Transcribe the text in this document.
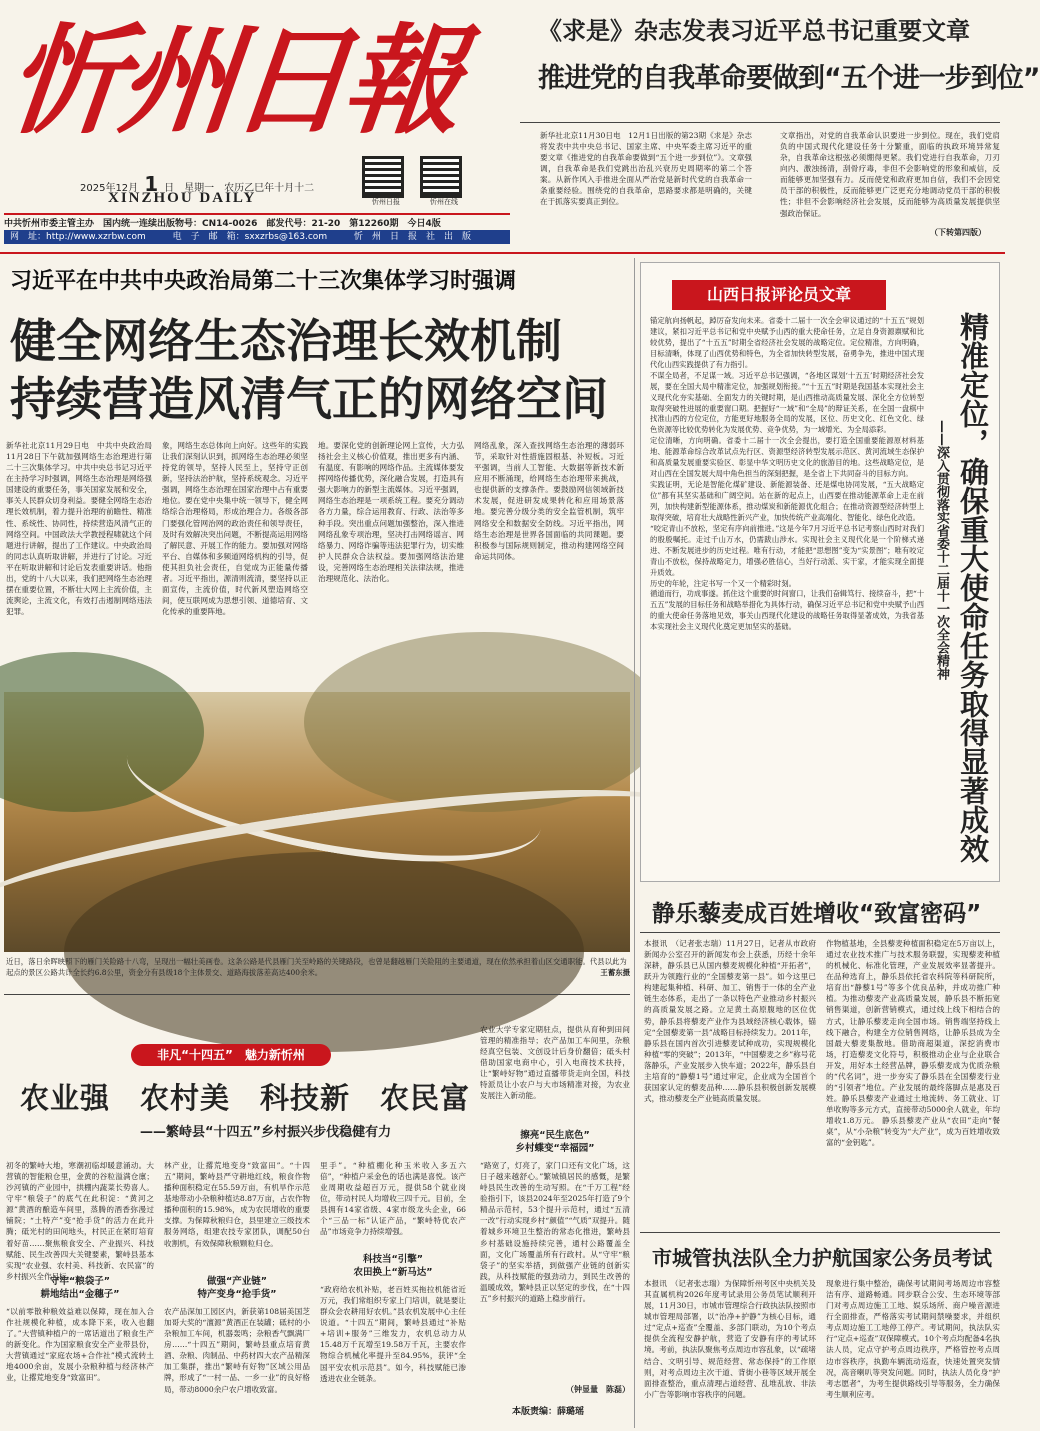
忻州日報
2025年12月 1 日　星期一　农历乙巳年十月十二
XINZHOU DAILY	忻州日报	忻州在线
中共忻州市委主管主办　国内统一连续出版物号：CN14-0026　邮发代号：21-20　第12260期　今日4版
网　址：http://www.xzrbw.com	电　子　邮　箱：sxxzrbs@163.com	忻　州　日　报　社　出　版
《求是》杂志发表习近平总书记重要文章
推进党的自我革命要做到“五个进一步到位”
新华社北京11月30日电　12月1日出版的第23期《求是》杂志将发表中共中央总书记、国家主席、中央军委主席习近平的重要文章《推进党的自我革命要做到“五个进一步到位”》。文章强调，自我革命是我们党跳出治乱兴衰历史周期率的第二个答案。从新作风入手推进全面从严治党是新时代党的自我革命一条重要经验。围绕党的自我革命，思路要求都是明确的，关键在于抓落实要真正到位。
文章指出，对党的自我革命认识要进一步到位。现在，我们党肩负的中国式现代化建设任务十分繁重，面临的执政环境异常复杂，自我革命这根弦必须绷得更紧。我们党进行自我革命，刀刃向内、激浊扬清，刮骨疗毒，非但不会影响党的形象和威信，反而能够更加坚强有力。反而使党和政府更加自信，我们不会因党员干部的积极性，反而能够更广泛更充分地调动党员干部的积极性；非但不会影响经济社会发展，反而能够为高质量发展提供坚强政治保证。
（下转第四版）
习近平在中共中央政治局第二十三次集体学习时强调
健全网络生态治理长效机制
持续营造风清气正的网络空间
新华社北京11月29日电　中共中央政治局11月28日下午就加强网络生态治理进行第二十三次集体学习。中共中央总书记习近平在主持学习时强调，网络生态治理是网络强国建设的重要任务，事关国家发展和安全，事关人民群众切身利益。要健全网络生态治理长效机制，着力提升治理的前瞻性、精准性、系统性、协同性，持续营造风清气正的网络空间。中国政法大学教授程啸就这个问题进行讲解，提出了工作建议。中央政治局的同志认真听取讲解，并进行了讨论。习近平在听取讲解和讨论后发表重要讲话。他指出，党的十八大以来，我们把网络生态治理摆在重要位置，不断壮大网上主流价值，主流舆论，主流文化，有效打击遏制网络违法犯罪。
象，网络生态总体向上向好。这些年的实践让我们深刻认识到，抓网络生态治理必须坚持党的领导，坚持人民至上，坚持守正创新，坚持法治护航，坚持系统观念。习近平强调，网络生态治理在国家治理中占有重要地位。要在党中央集中统一领导下，健全网络综合治理格局，形成治理合力。各级各部门要强化管网治网的政治责任和领导责任，及时有效解决突出问题，不断提高运用网络了解民意、开展工作的能力。要加强对网络平台、自媒体和多频道网络机构的引导，促使其担负社会责任，自觉成为正能量传播者。习近平指出，源清则流清，要坚持以正面宣传，主流价值，时代新风塑造网络空间，使互联网成为思想引领、道德培育、文化传承的重要阵地。
地。要深化党的创新理论网上宣传，大力弘扬社会主义核心价值观，推出更多有内涵、有温度、有影响的网络作品。主流媒体要发挥网络传播优势，深化融合发展，打造具有强大影响力的新型主流媒体。习近平强调，网络生态治理是一项系统工程。要充分调动各方力量，综合运用教育、行政、法治等多种手段。突出重点问题加强整治，深入推进网络乱象专项治理，坚决打击网络谣言、网络暴力、网络诈骗等违法犯罪行为，切实维护人民群众合法权益。要加强网络法治建设，完善网络生态治理相关法律法规，推进治理规范化、法治化。
网络乱象，深入查找网络生态治理的薄弱环节，采取针对性措施固根基、补短板。习近平强调，当前人工智能、大数据等新技术新应用不断涌现，给网络生态治理带来挑战，也提供新的支撑条件。要鼓励网信领域新技术发展，促进研发成果转化和应用场景落地。要完善分级分类的安全监管机制，筑牢网络安全和数据安全防线。习近平指出，网络生态治理是世界各国面临的共同课题。要积极参与国际规则制定，推动构建网络空间命运共同体。
近日，落日余晖映照下的雁门关险路十八弯，呈现出一幅壮美画卷。这条公路是代县雁门关至岭路的关键路段，也曾是翻越雁门关险阻的主要通道，现在依然承担着山区交通职能。代县以此为起点的景区公路共计全长约6.8公里，资金分有县级18个主体景交、道路海拔落差高达400余米。	王蓄东摄
非凡“十四五”　魅力新忻州
农业强　农村美　科技新　农民富
——繁峙县“十四五”乡村振兴步伐稳健有力
初冬的繁峙大地，寒潮初临却暖意涌动。大营镇的智能粮仓里，金黄的谷粒溢满仓廪；沙河镇的产业园中，拱棚内蔬菜长势喜人。守牢“粮袋子”的底气在此积淀：“黄河之源”黄酒的酿造车间里，蒸腾的酒香弥漫过铺院；“土特产”变“抢手货”的活力在此升腾；砥光村的田间地头，村民正在紧盯培育着好苗……聚焦粮食安全、产业振兴、科技赋能、民生改善四大关键要素，繁峙县基本实现“农业强、农村美、科技新、农民富”的乡村振兴全作目标。
守牢“粮袋子”
耕地结出“金穗子”
“以前零散种粮效益难以保障，现在加入合作社规模化种植，成本降下来，收入也翻了。”大营镇种植户的一席话道出了粮食生产的新变化。作为国家粮食安全产业带县份，大营镇通过“家庭农场+合作社”模式流转土地4000余亩，发展小杂粮种植与经济林产业，让撂荒地变身“致富田”。
林产业，让撂荒地变身“致富田”。“十四五”期间，繁峙县严守耕地红线，粮食作物播种面积稳定在55.59万亩，有机旱作示范基地带动小杂粮种植达8.87万亩，占农作物播种面积的15.98%，成为农民增收的重要支撑。为保障秋粮归仓，县里建立三级技术服务网络，组建农技专家团队，调配50台收割机，有效保障秋粮颗粒归仓。
做强“产业链”
特产变身“抢手货”
农产品深加工园区内，新获第108届美国芝加哥大奖的“澶源”黄酒正在装罐；砥村的小杂粮加工车间，机器轰鸣；杂粮香气飘满厂房……“十四五”期间，繁峙县重点培育黄酒、杂粮、肉制品、中药材四大农产品精深加工集群，推出“繁峙有好物”区域公用品牌，形成了“一村一品、一乡一业”的良好格局，带动8000余户农户增收致富。
里手”。“种植棚化种玉米收入多五六倍”，“种植户采金色的话也满是喜悦。该产业周期收益超百万元，提供58个就业岗位，带动村民人均增收三四千元。目前，全县拥有14家省级、4家市级龙头企业，66个“三品一标”认证产品，“繁峙特优农产品”市场竞争力持续增强。
科技当“引擎”
农田换上“新马达”
“政府给农机补贴，老百姓买拖拉机能省近万元，我们常组织专家上门培训，就是要让群众会农耕用好农机。”县农机发展中心主任说道。“十四五”期间，繁峙县通过“补贴+培训+服务”三维发力，农机总动力从15.48万千瓦增至19.58万千瓦，主要农作物综合机械化率提升至84.95%，获评“全国平安农机示范县”。如今，科技赋能已渗透进农业全链条。
农业大学专家定期驻点，提供从育种到田间管理的精准指导；农产品加工车间里，杂粮经真空包装、文创设计后身价翻倍；砥头村借助国家电商中心，引入电商技术扶持，让“繁峙好物”通过直播带货走向全国，科技特派员让小农户与大市场精准对接，为农业发展注入新动能。
擦亮“民生底色”
乡村蝶变“幸福园”
“路宽了，灯亮了，家门口还有文化广场，这日子越来越舒心。”繁城镇居民的感慨，是繁峙县民生改善的生动写照。在“千万工程”经验指引下，该县2024年至2025年打造了9个精品示范村，53个提升示范村，通过“五清一改”行动实现乡村“颜值”“气质”双提升。随着城乡环境卫生整治的常态化推进，繁峙县乡村基础设施持续完善，通村公路覆盖全面，文化广场覆盖所有行政村。从“守牢“粮袋子”的坚实举措，到做强产业链的创新实践，从科技赋能的强劲动力，到民生改善的温暖成效，繁峙县正以坚定的步伐，在“十四五”乡村振兴的道路上稳步前行。
（钟显量　陈磊）
本版责编：薛璐瑶
山西日报评论员文章
精准定位，确保重大使命任务取得显著成效
——深入贯彻落实省委十二届十一次全会精神

锚定航向扬帆起，踔厉奋发向未来。省委十二届十一次全会审议通过的“十五五”规划建议，紧扣习近平总书记和党中央赋予山西的重大使命任务，立足自身资源禀赋和比较优势，提出了“十五五”时期全省经济社会发展的战略定位。定位精准，方向明确，目标清晰，体现了山西优势和特色，为全省加快转型发展，奋勇争先，推进中国式现代化山西实践提供了有力指引。

不谋全局者，不足谋一域。习近平总书记强调，“各地区谋划‘十五五’时期经济社会发展，要在全国大局中精准定位，加强规划衔接。”“十五五”时期是我国基本实现社会主义现代化夯实基础、全面发力的关键时期，是山西推动高质量发展、深化全方位转型取得突破性进展的重要窗口期。把握好“一域”和“全局”的辩证关系，在全国一盘棋中找准山西的方位定位，方能更好地服务全局的发展，区位、历史文化、红色文化、绿色资源等比较优势转化为发展优势、竞争优势，为一域增光、为全局添彩。

定位清晰，方向明确。省委十二届十一次全会提出，要打造全国重要能源原材料基地、能源革命综合改革试点先行区、资源型经济转型发展示范区、黄河流域生态保护和高质量发展重要实验区、彰显中华文明历史文化的旅游目的地。这些战略定位，是对山西在全国发展大局中角色担当的深刻把握，是全省上下共同奋斗的目标方向。

实践证明，无论是智能化煤矿建设、新能源装备、还是煤电协同发展，“五大战略定位”都有其坚实基础和广阔空间。站在新的起点上，山西要在推动能源革命上走在前列，加快构建新型能源体系，推动煤炭和新能源优化组合；在推动资源型经济转型上取得突破，培育壮大战略性新兴产业，加快传统产业高端化、智能化、绿色化改造。

“咬定青山不放松，坚定有序向前推进。”这是今年7月习近平总书记考察山西时对我们的殷殷嘱托。走过千山万水，仍需跋山涉水。实现社会主义现代化是一个阶梯式递进、不断发展进步的历史过程。唯有行动，才能把“思想图”变为“实景图”；唯有咬定青山不放松，保持战略定力，增强必胜信心，当好行动派、实干家，才能实现全面提升质效。

历史的年轮，注定书写一个又一个精彩时刻。

循道而行，功成事遂。抓住这个重要的时间窗口，让我们奋辑笃行、接续奋斗，把“十五五”发展的目标任务和战略举措化为具体行动，确保习近平总书记和党中央赋予山西的重大使命任务落地见效，事关山西现代化建设的战略任务取得显著成效，为我省基本实现社会主义现代化奠定更加坚实的基础。

静乐藜麦成百姓增收“致富密码”
本报讯　（记者张志瑞）11月27日，记者从市政府新闻办公室召开的新闻发布会上获悉，历经十余年深耕，静乐县已从国内藜麦规模化种植“开拓者”，跃升为领跑行业的“全国藜麦第一县”。如今这里已构建起集种植、科研、加工、销售于一体的全产业链生态体系，走出了一条以特色产业推动乡村振兴的高质量发展之路。立足黄土高原腹地的区位优势，静乐县将藜麦产业作为县域经济核心载体，锚定“全国藜麦第一县”战略目标持续发力。2011年，静乐县在国内首次引进藜麦试种成功，实现规模化种植“零的突破”；2013年，“中国藜麦之乡”称号花落静乐，产业发展步入快车道；2022年，静乐县自主培育的“静藜1号”通过审定，企业成为全国首个获国家认定的藜麦品种……静乐县积极创新发展模式，推动藜麦全产业链高质量发展。
作物植基地，全县藜麦种植面积稳定在5万亩以上，通过农业技术推广与技术服务联盟，实现藜麦种植的机械化、标准化管理，产业发展效率显著提升。在品种选育上，静乐县依托省农科院等科研院所，培育出“静藜1号”等多个优良品种，并成功推广种植。为推动藜麦产业高质量发展，静乐县不断拓宽销售渠道，创新营销模式，通过线上线下相结合的方式，让静乐藜麦走向全国市场。销售端坚持线上线下融合，构建全方位销售网络，让静乐县成为全国最大藜麦集散地。借助商超渠道，深挖消费市场，打造藜麦文化符号，积极推动企业与企业联合开发，用好本土经营品牌，静乐藜麦成为优质杂粮的“代名词”，进一步夯实了静乐县在全国藜麦行业的“引领者”地位。产业发展的最终落脚点是惠及百姓。静乐县藜麦产业通过土地流转、务工就业、订单收购等多元方式，直接带动5000余人就业，年均增收1.8万元。 静乐县藜麦产业从“农田”走向“餐桌”，从“小杂粮”转变为“大产业”，成为百姓增收致富的“金钥匙”。
市城管执法队全力护航国家公务员考试
本报讯　（记者张志瑞）为保障忻州考区中央机关及其直属机构2026年度考试录用公务员笔试顺利开展，11月30日，市城市管理综合行政执法队按照市城市管理局部署，以“治净+护静”为核心目标，通过“定点+巡查”全覆盖、多部门联动，为10个考点提供全流程安静护航，营造了安静有序的考试环境。考前，执法队聚焦考点周边市容乱象，以“疏堵结合、文明引导、规范经营、常态保持”的工作原则，对考点周边主次干道、背街小巷等区域开展全面排查整治，重点清理占道经营、乱堆乱放、非法小广告等影响市容秩序的问题。
现象进行集中整治，确保考试期间考场周边市容整洁有序、道路畅通。同步联合公安、生态环境等部门对考点周边施工工地、娱乐场所、商户噪音源进行全面排查，严格落实考试期间禁噪要求，并组织考点周边施工工地停工停产。考试期间，执法队实行“定点+巡查”双保障模式。10个考点均配备4名执法人员，定点守护考点周边秩序，严格管控考点周边市容秩序，执勤车辆流动巡查，快速处置突发情况，高音喇叭等突发问题。同时，执法人员化身“护考志愿者”，为考生提供路线引导等服务，全力确保考生顺利应考。
